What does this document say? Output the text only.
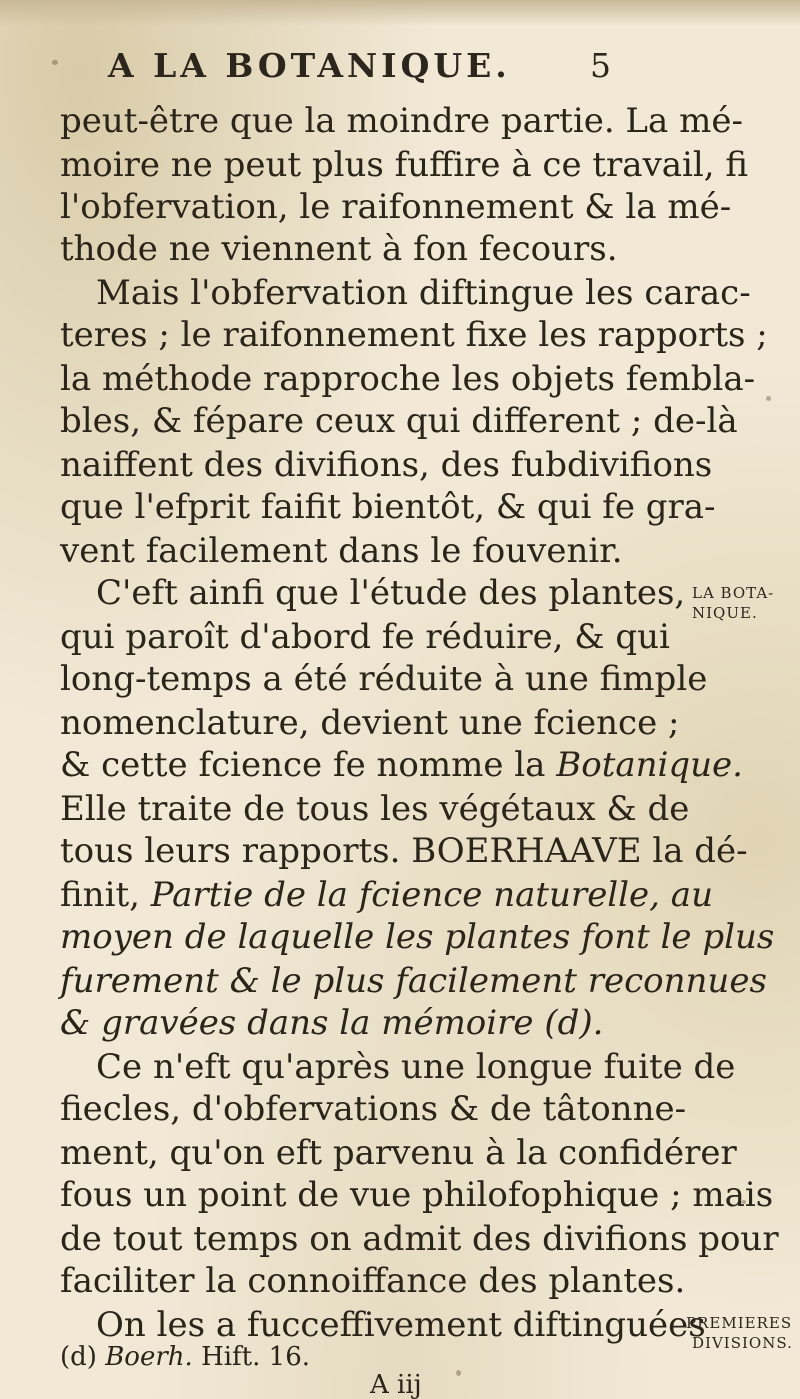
A LA BOTANIQUE. 5
peut-être que la moindre partie. La mé-
moire ne peut plus fuffire à ce travail, fi
l'obfervation, le raifonnement & la mé-
thode ne viennent à fon fecours.
Mais l'obfervation diftingue les carac-
teres ; le raifonnement fixe les rapports ;
la méthode rapproche les objets fembla-
bles, & fépare ceux qui different ; de-là
naiffent des divifions, des fubdivifions
que l'efprit faifit bientôt, & qui fe gra-
vent facilement dans le fouvenir.
C'eft ainfi que l'étude des plantes,
qui paroît d'abord fe réduire, & qui
long-temps a été réduite à une fimple
nomenclature, devient une fcience ;
& cette fcience fe nomme la Botanique.
Elle traite de tous les végétaux & de
tous leurs rapports. BOERHAAVE la dé-
finit, Partie de la fcience naturelle, au
moyen de laquelle les plantes font le plus
furement & le plus facilement reconnues
& gravées dans la mémoire (d).
Ce n'eft qu'après une longue fuite de
fiecles, d'obfervations & de tâtonne-
ment, qu'on eft parvenu à la confidérer
fous un point de vue philofophique ; mais
de tout temps on admit des divifions pour
faciliter la connoiffance des plantes.
On les a fucceffivement diftinguées
LA BOTA-
NIQUE.
PREMIERES
DIVISIONS.
(d) Boerh. Hift. 16.
A iij
